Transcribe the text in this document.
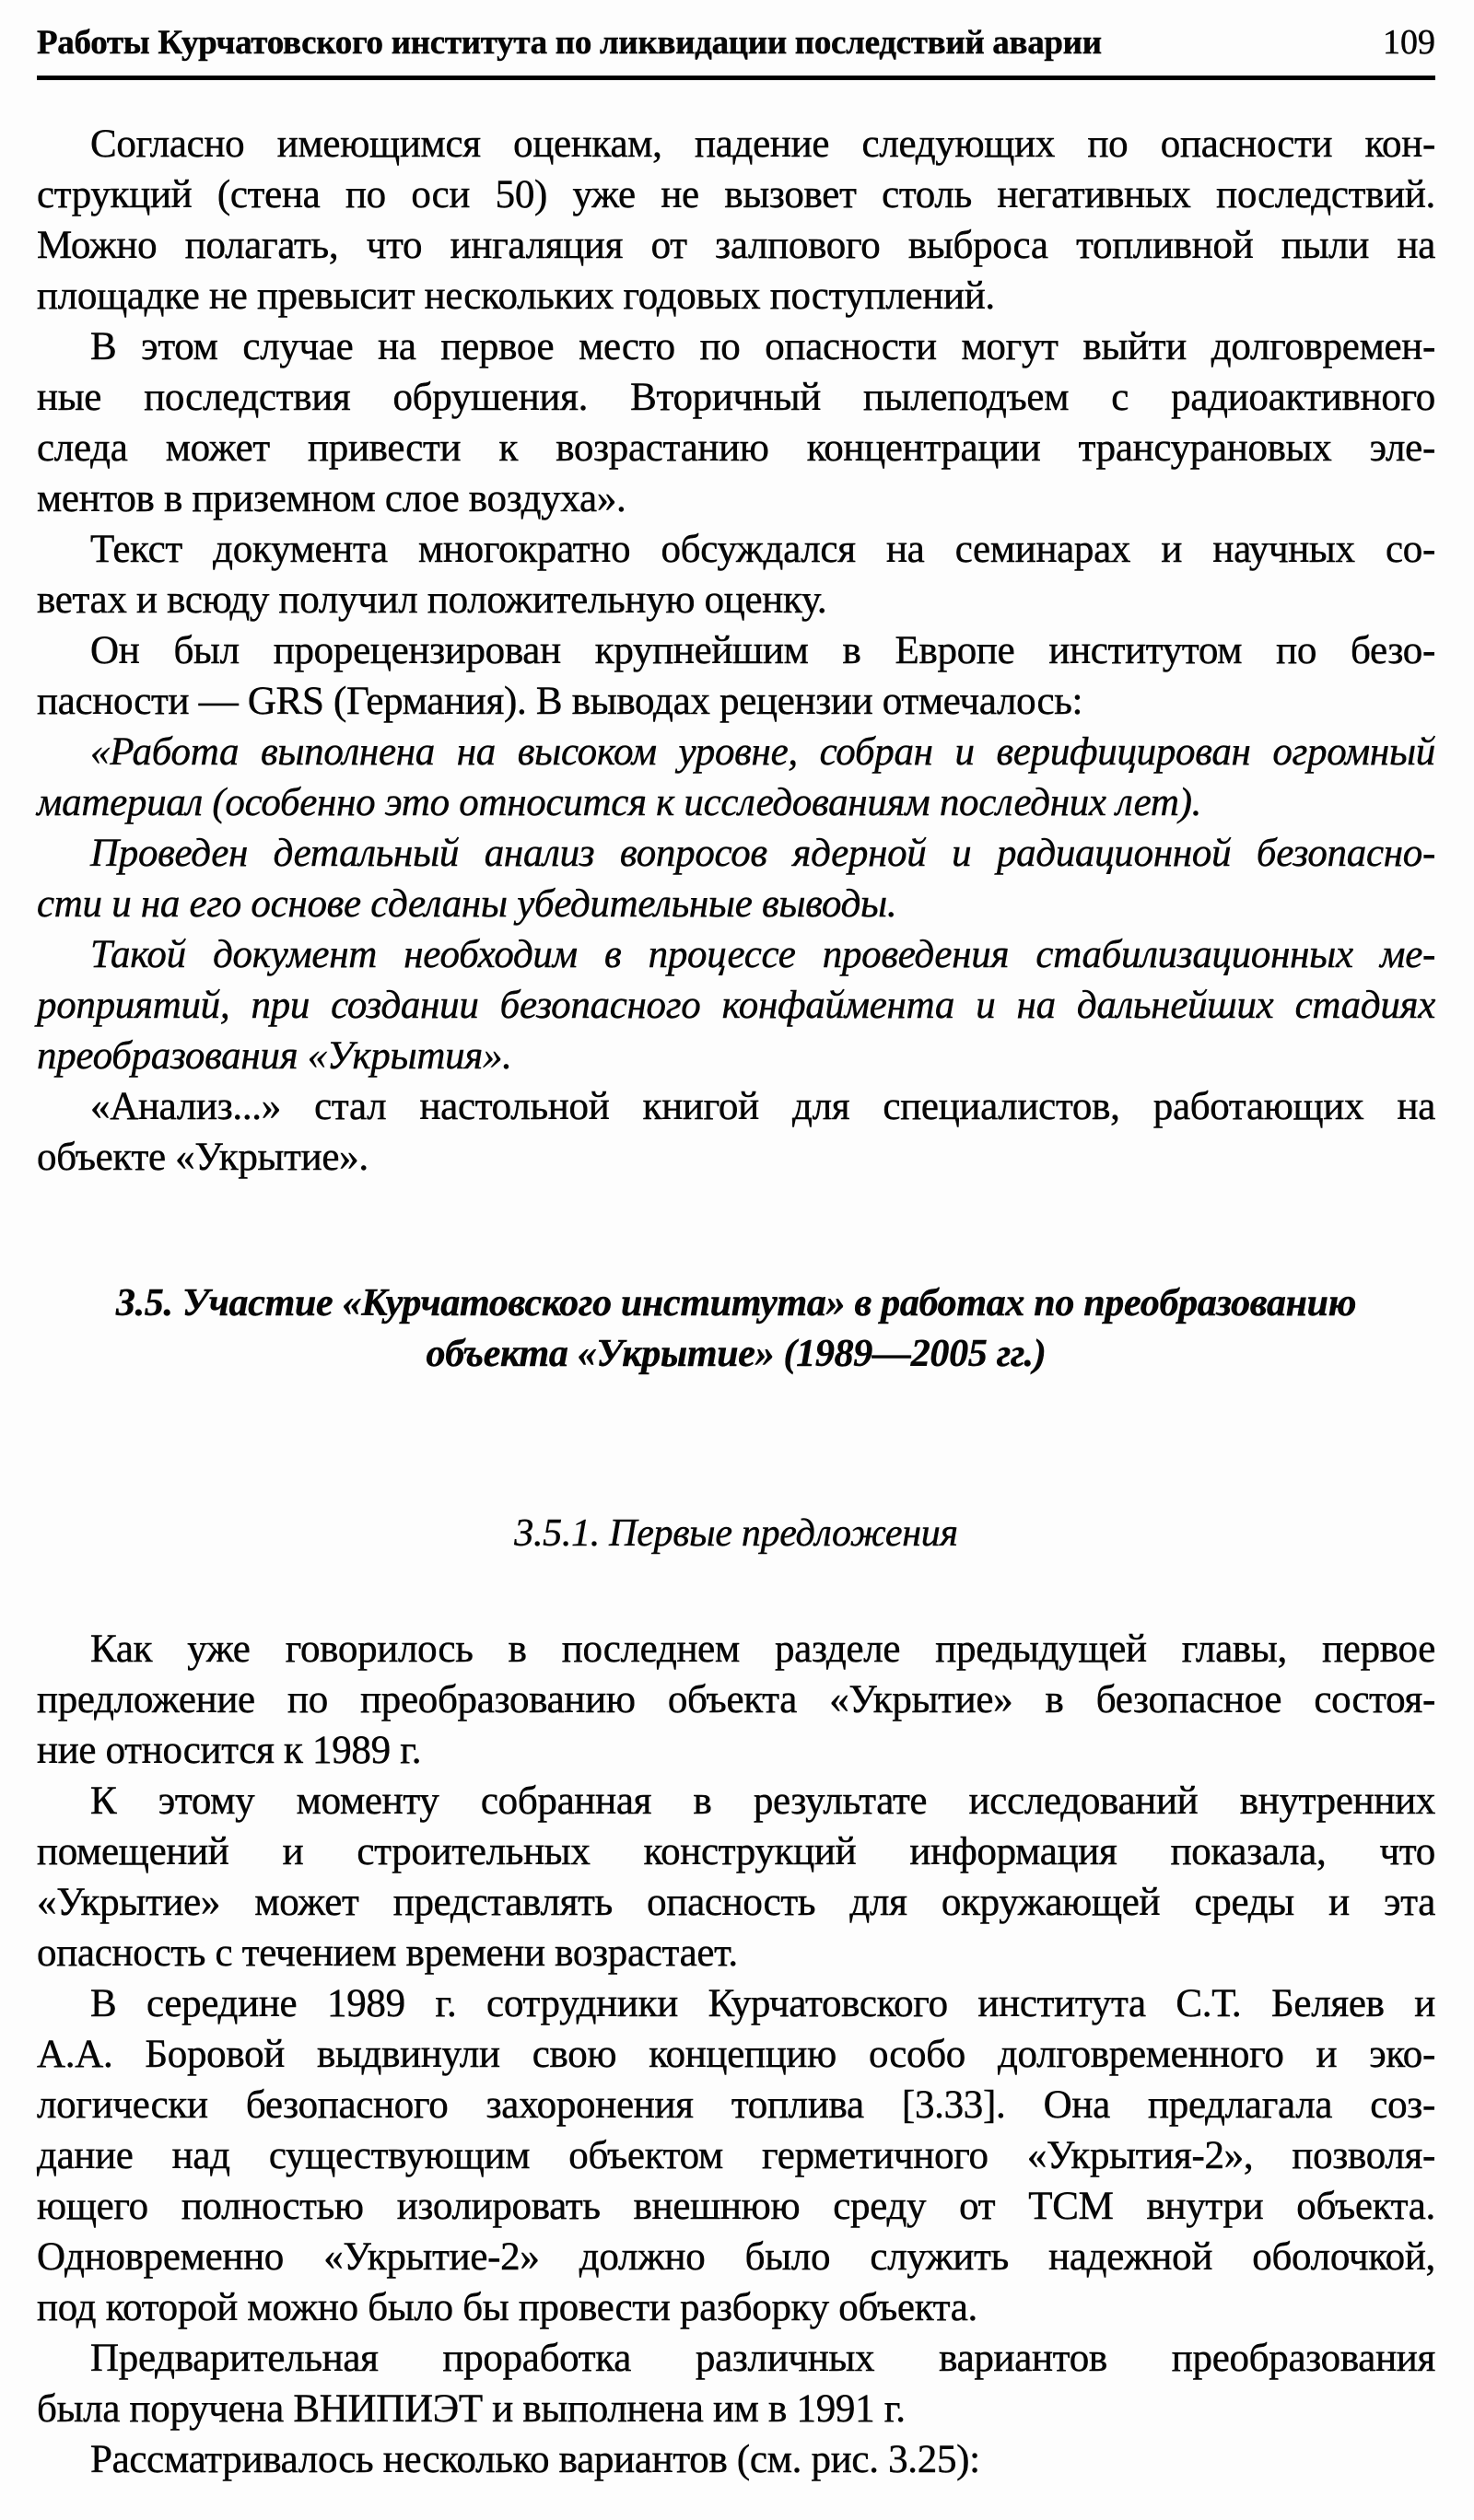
Работы Курчатовского института по ликвидации последствий аварии	109
Согласно имеющимся оценкам, падение следующих по опасности кон-
струкций (стена по оси 50) уже не вызовет столь негативных последствий.
Можно полагать, что ингаляция от залпового выброса топливной пыли на
площадке не превысит нескольких годовых поступлений.
В этом случае на первое место по опасности могут выйти долговремен-
ные последствия обрушения. Вторичный пылеподъем с радиоактивного
следа может привести к возрастанию концентрации трансурановых эле-
ментов в приземном слое воздуха».
Текст документа многократно обсуждался на семинарах и научных со-
ветах и всюду получил положительную оценку.
Он был прорецензирован крупнейшим в Европе институтом по безо-
пасности — GRS (Германия). В выводах рецензии отмечалось:
«Работа выполнена на высоком уровне, собран и верифицирован огромный
материал (особенно это относится к исследованиям последних лет).
Проведен детальный анализ вопросов ядерной и радиационной безопасно-
сти и на его основе сделаны убедительные выводы.
Такой документ необходим в процессе проведения стабилизационных ме-
роприятий, при создании безопасного конфаймента и на дальнейших стадиях
преобразования «Укрытия».
«Анализ...» стал настольной книгой для специалистов, работающих на
объекте «Укрытие».
3.5. Участие «Курчатовского института» в работах по преобразованию
объекта «Укрытие» (1989—2005 гг.)
3.5.1. Первые предложения
Как уже говорилось в последнем разделе предыдущей главы, первое
предложение по преобразованию объекта «Укрытие» в безопасное состоя-
ние относится к 1989 г.
К этому моменту собранная в результате исследований внутренних
помещений и строительных конструкций информация показала, что
«Укрытие» может представлять опасность для окружающей среды и эта
опасность с течением времени возрастает.
В середине 1989 г. сотрудники Курчатовского института С.Т. Беляев и
А.А. Боровой выдвинули свою концепцию особо долговременного и эко-
логически безопасного захоронения топлива [3.33]. Она предлагала соз-
дание над существующим объектом герметичного «Укрытия-2», позволя-
ющего полностью изолировать внешнюю среду от ТСМ внутри объекта.
Одновременно «Укрытие-2» должно было служить надежной оболочкой,
под которой можно было бы провести разборку объекта.
Предварительная проработка различных вариантов преобразования
была поручена ВНИПИЭТ и выполнена им в 1991 г.
Рассматривалось несколько вариантов (см. рис. 3.25):
